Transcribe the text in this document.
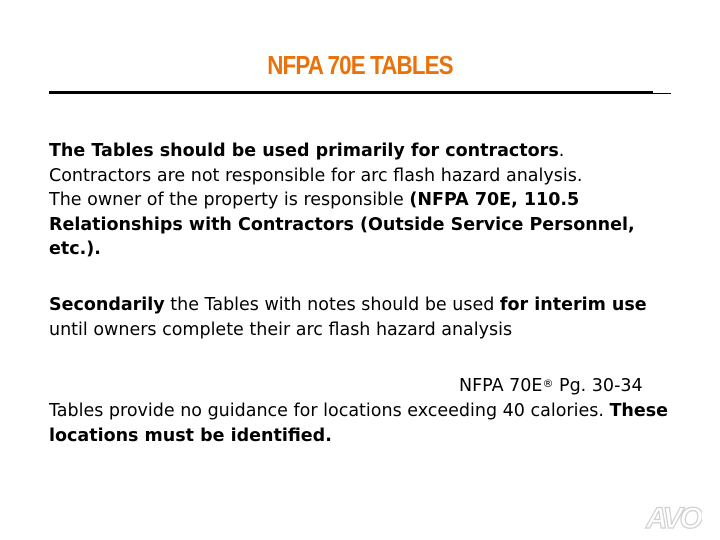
NFPA 70E TABLES

The Tables should be used primarily for contractors.
Contractors are not responsible for arc flash hazard analysis.
The owner of the property is responsible (NFPA 70E, 110.5 Relationships with Contractors (Outside Service Personnel, etc.).

Secondarily the Tables with notes should be used for interim use until owners complete their arc flash hazard analysis

NFPA 70E® Pg. 30-34

Tables provide no guidance for locations exceeding 40 calories. These locations must be identified.

AVO
